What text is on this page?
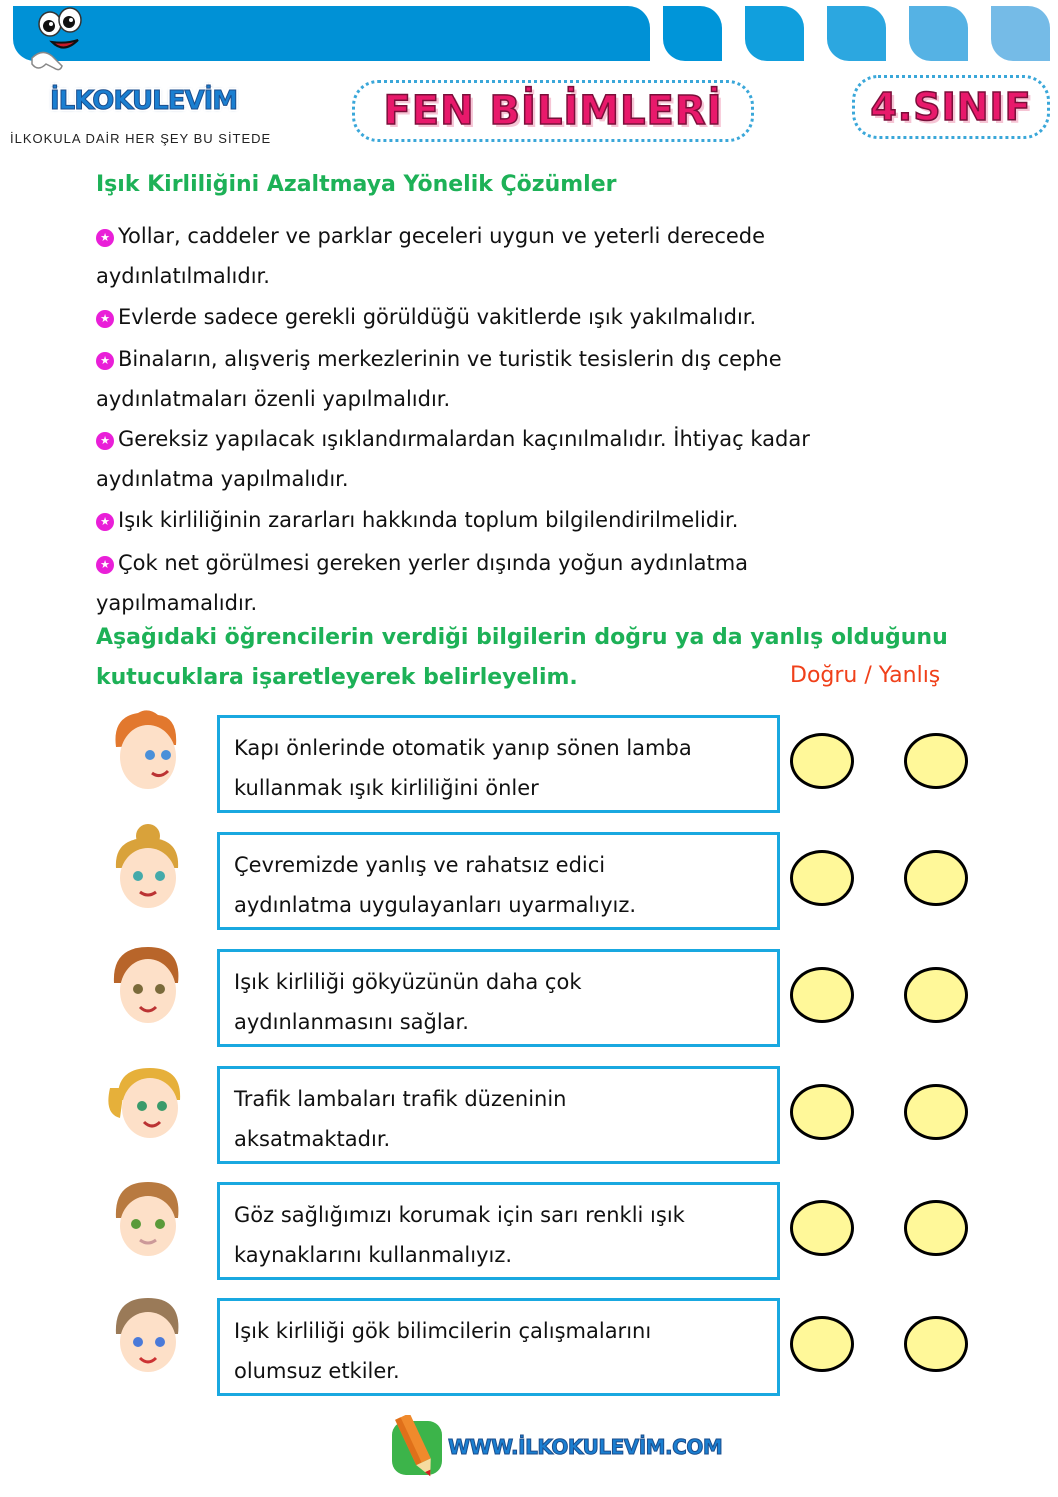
İLKOKULEVİM
İLKOKULA DAİR HER ŞEY BU SİTEDE
FEN BİLİMLERİ	4.SINIF
Işık Kirliliğini Azaltmaya Yönelik Çözümler
★ Yollar, caddeler ve parklar geceleri uygun ve yeterli derecede
aydınlatılmalıdır.
★ Evlerde sadece gerekli görüldüğü vakitlerde ışık yakılmalıdır.
★ Binaların, alışveriş merkezlerinin ve turistik tesislerin dış cephe
aydınlatmaları özenli yapılmalıdır.
★ Gereksiz yapılacak ışıklandırmalardan kaçınılmalıdır. İhtiyaç kadar
aydınlatma yapılmalıdır.
★ Işık kirliliğinin zararları hakkında toplum bilgilendirilmelidir.
★ Çok net görülmesi gereken yerler dışında yoğun aydınlatma
yapılmamalıdır.
Aşağıdaki öğrencilerin verdiği bilgilerin doğru ya da yanlış olduğunu
kutucuklara işaretleyerek belirleyelim.	Doğru / Yanlış
Kapı önlerinde otomatik yanıp sönen lamba
kullanmak ışık kirliliğini önler
Çevremizde yanlış ve rahatsız edici
aydınlatma uygulayanları uyarmalıyız.
Işık kirliliği gökyüzünün daha çok
aydınlanmasını sağlar.
Trafik lambaları trafik düzeninin
aksatmaktadır.
Göz sağlığımızı korumak için sarı renkli ışık
kaynaklarını kullanmalıyız.
Işık kirliliği gök bilimcilerin çalışmalarını
olumsuz etkiler.
WWW.İLKOKULEVİM.COM
